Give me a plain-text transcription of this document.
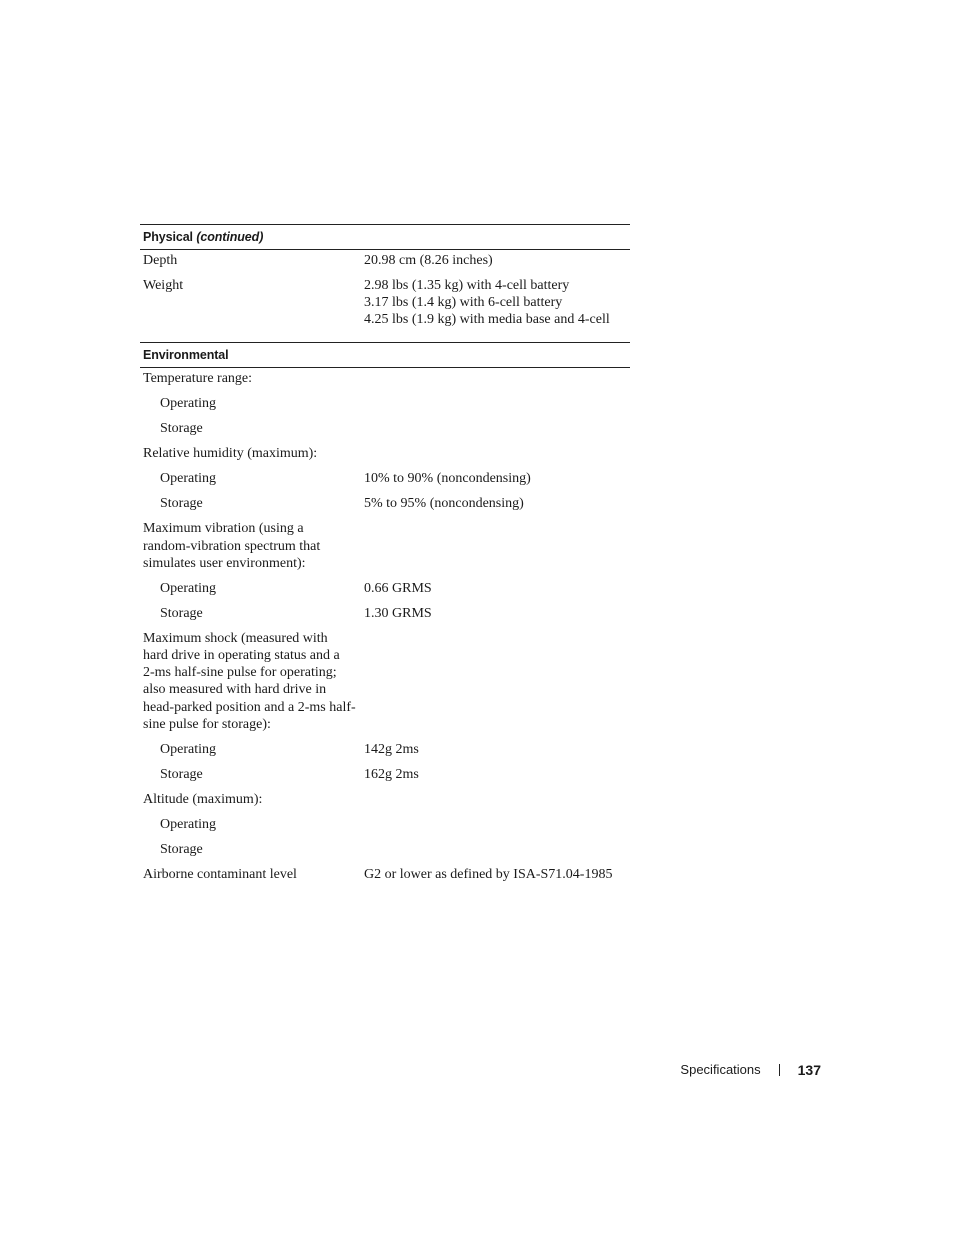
Physical (continued)
Depth	20.98 cm (8.26 inches)
Weight	2.98 lbs (1.35 kg) with 4-cell battery
3.17 lbs (1.4 kg) with 6-cell battery
4.25 lbs (1.9 kg) with media base and 4-cell
Environmental
Temperature range:
Operating
Storage
Relative humidity (maximum):
Operating	10% to 90% (noncondensing)
Storage	5% to 95% (noncondensing)
Maximum vibration (using a
random-vibration spectrum that
simulates user environment):
Operating	0.66 GRMS
Storage	1.30 GRMS
Maximum shock (measured with
hard drive in operating status and a
2-ms half-sine pulse for operating;
also measured with hard drive in
head-parked position and a 2-ms half-
sine pulse for storage):
Operating	142g 2ms
Storage	162g 2ms
Altitude (maximum):
Operating
Storage
Airborne contaminant level	G2 or lower as defined by ISA-S71.04-1985
Specifications	137
